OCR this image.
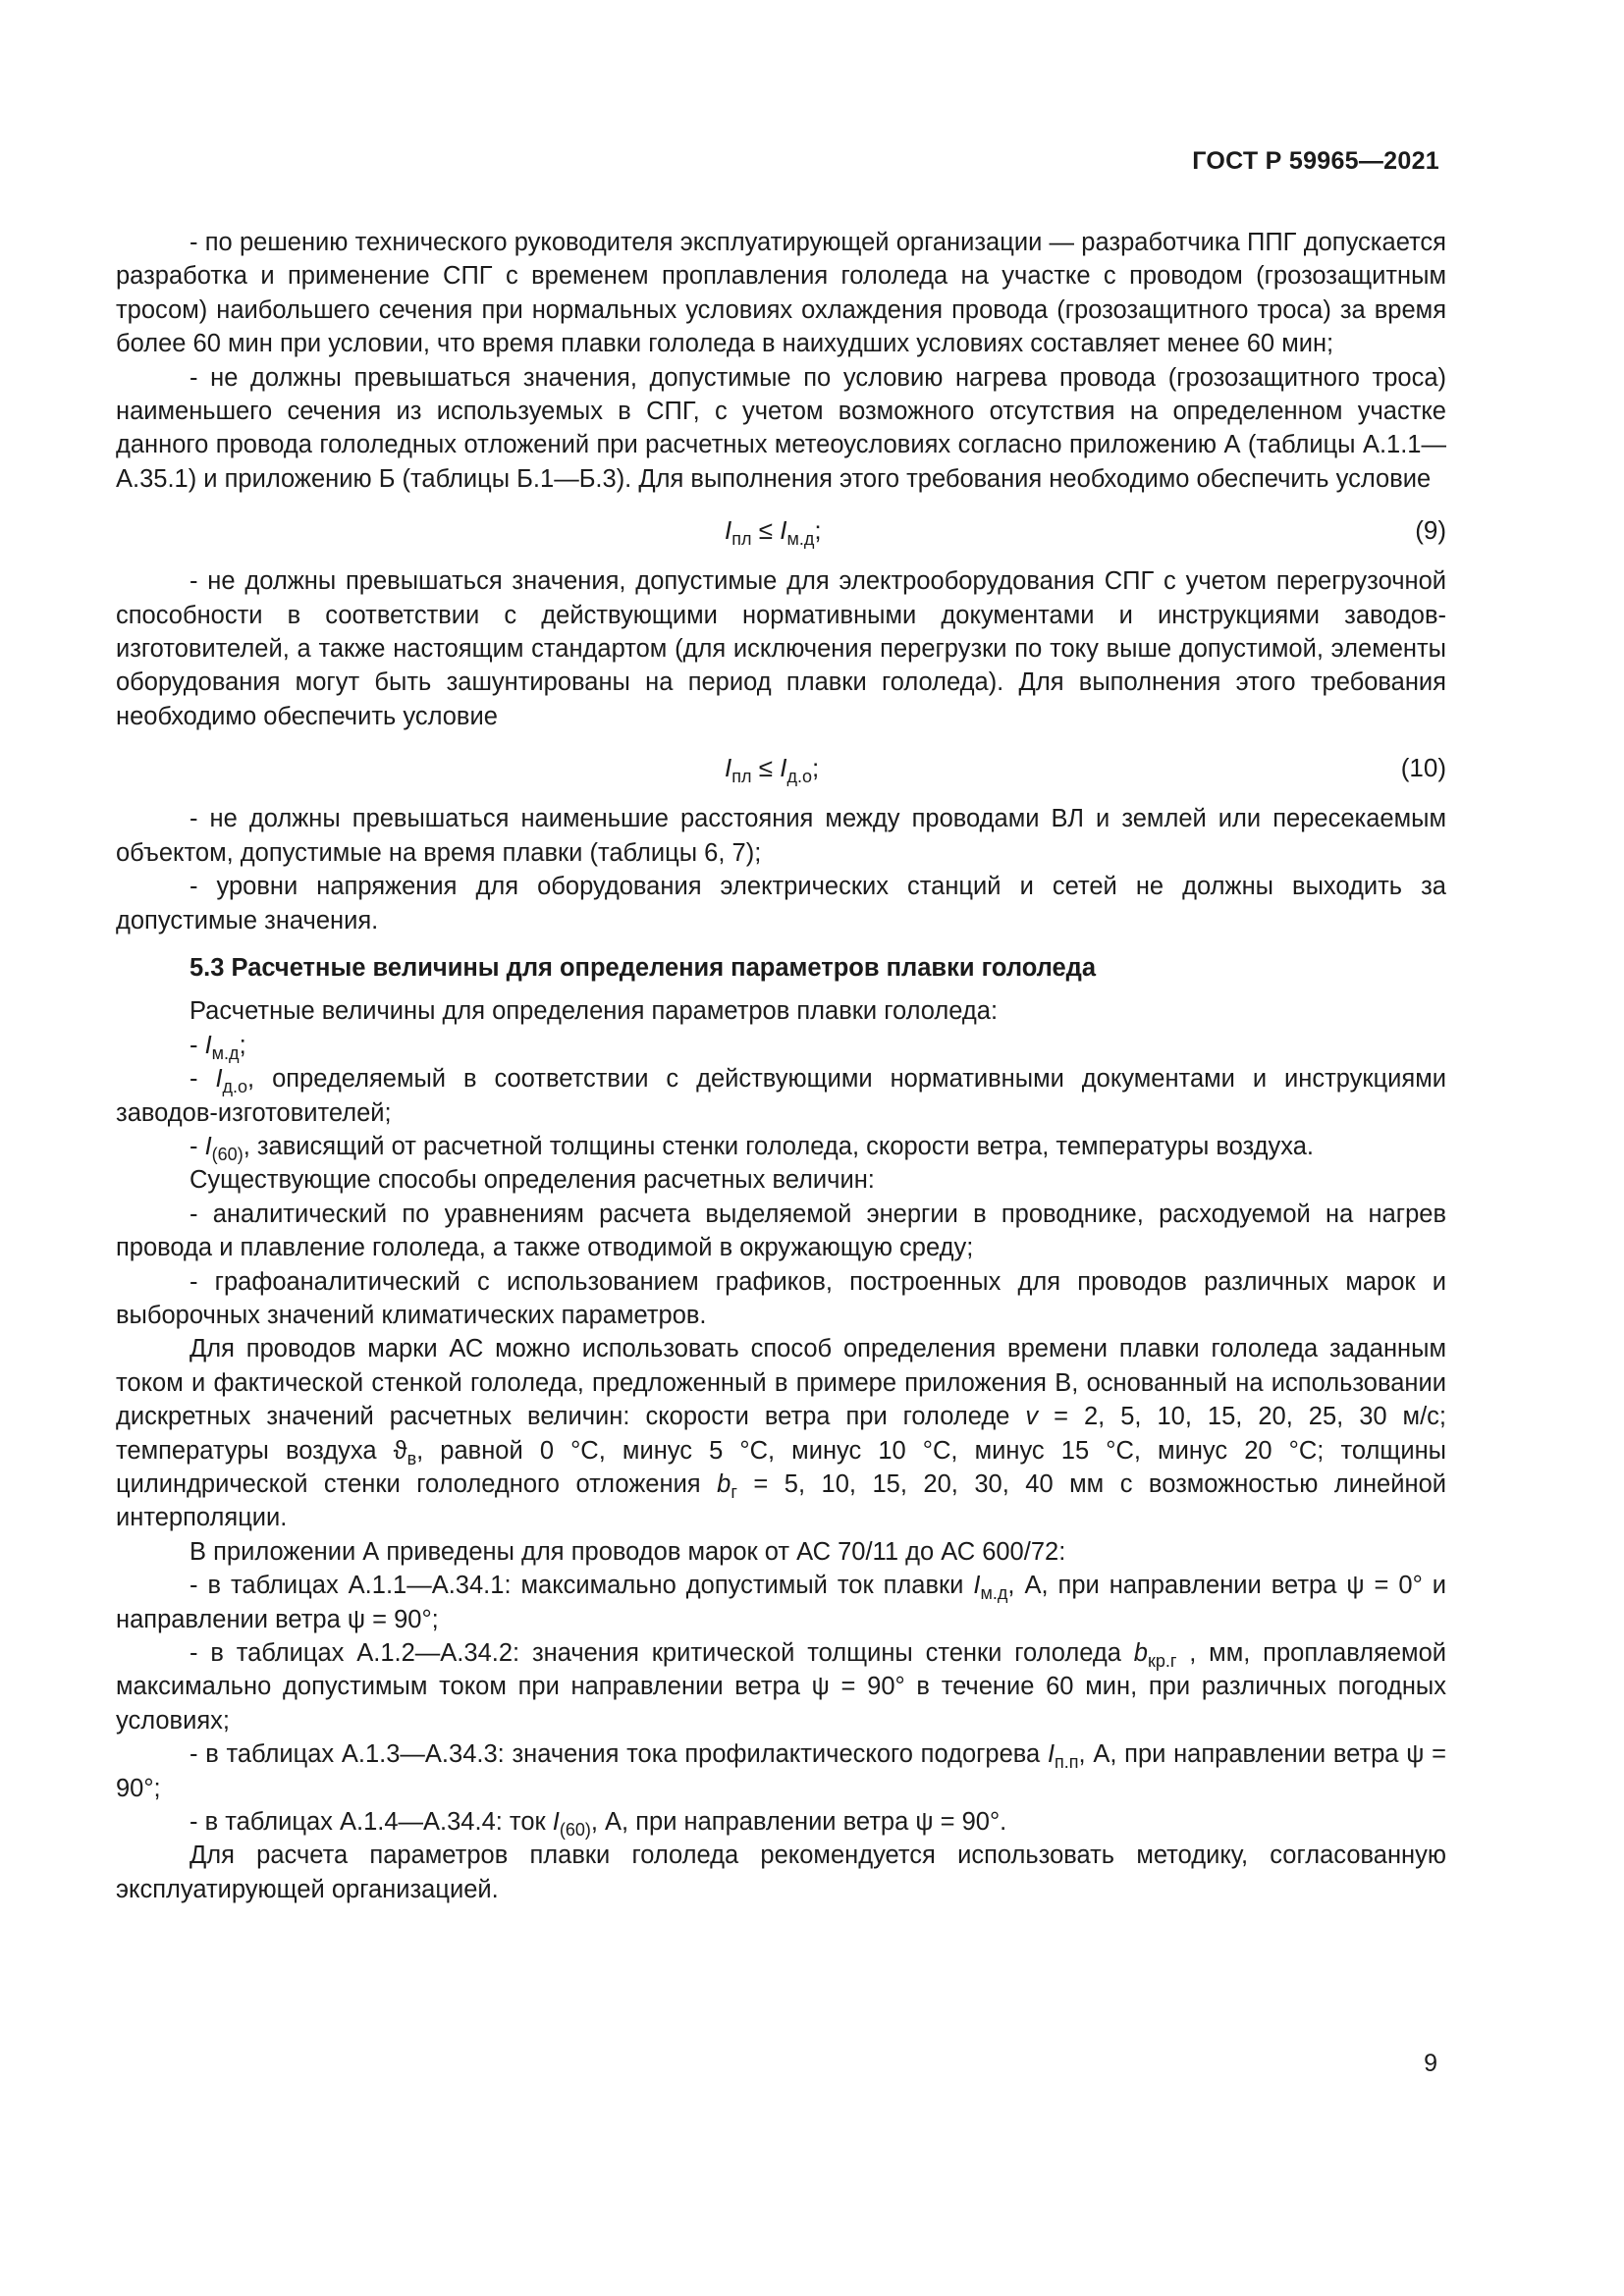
ГОСТ Р 59965—2021

- по решению технического руководителя эксплуатирующей организации — разработчика ППГ допускается разработка и применение СПГ с временем проплавления гололеда на участке с проводом (грозозащитным тросом) наибольшего сечения при нормальных условиях охлаждения провода (грозозащитного троса) за время более 60 мин при условии, что время плавки гололеда в наихудших условиях составляет менее 60 мин;

- не должны превышаться значения, допустимые по условию нагрева провода (грозозащитного троса) наименьшего сечения из используемых в СПГ, с учетом возможного отсутствия на определенном участке данного провода гололедных отложений при расчетных метеоусловиях согласно приложению А (таблицы А.1.1—А.35.1) и приложению Б (таблицы Б.1—Б.3). Для выполнения этого требования необходимо обеспечить условие

$I_{пл} \le I_{м.д}$;	(9)

- не должны превышаться значения, допустимые для электрооборудования СПГ с учетом перегрузочной способности в соответствии с действующими нормативными документами и инструкциями заводов-изготовителей, а также настоящим стандартом (для исключения перегрузки по току выше допустимой, элементы оборудования могут быть зашунтированы на период плавки гололеда). Для выполнения этого требования необходимо обеспечить условие

$I_{пл} \le I_{д.о}$;	(10)

- не должны превышаться наименьшие расстояния между проводами ВЛ и землей или пересекаемым объектом, допустимые на время плавки (таблицы 6, 7);

- уровни напряжения для оборудования электрических станций и сетей не должны выходить за допустимые значения.

5.3 Расчетные величины для определения параметров плавки гололеда

Расчетные величины для определения параметров плавки гололеда:

- $I_{м.д}$;

- $I_{д.о}$, определяемый в соответствии с действующими нормативными документами и инструкциями заводов-изготовителей;

- $I_{(60)}$, зависящий от расчетной толщины стенки гололеда, скорости ветра, температуры воздуха.

Существующие способы определения расчетных величин:

- аналитический по уравнениям расчета выделяемой энергии в проводнике, расходуемой на нагрев провода и плавление гололеда, а также отводимой в окружающую среду;

- графоаналитический с использованием графиков, построенных для проводов различных марок и выборочных значений климатических параметров.

Для проводов марки АС можно использовать способ определения времени плавки гололеда заданным током и фактической стенкой гололеда, предложенный в примере приложения В, основанный на использовании дискретных значений расчетных величин: скорости ветра при гололеде v = 2, 5, 10, 15, 20, 25, 30 м/с; температуры воздуха $ϑ_в$, равной 0 °С, минус 5 °С, минус 10 °С, минус 15 °С, минус 20 °С; толщины цилиндрической стенки гололедного отложения $b_г = 5$, 10, 15, 20, 30, 40 мм с возможностью линейной интерполяции.

В приложении А приведены для проводов марок от АС 70/11 до АС 600/72:

- в таблицах А.1.1—А.34.1: максимально допустимый ток плавки $I_{м.д}$, А, при направлении ветра ψ = 0° и направлении ветра ψ = 90°;

- в таблицах А.1.2—А.34.2: значения критической толщины стенки гололеда $b_{кр.г}$ , мм, проплавляемой максимально допустимым током при направлении ветра ψ = 90° в течение 60 мин, при различных погодных условиях;

- в таблицах А.1.3—А.34.3: значения тока профилактического подогрева $I_{п.п}$, А, при направлении ветра ψ = 90°;

- в таблицах А.1.4—А.34.4: ток $I_{(60)}$, А, при направлении ветра ψ = 90°.

Для расчета параметров плавки гололеда рекомендуется использовать методику, согласованную эксплуатирующей организацией.

9
